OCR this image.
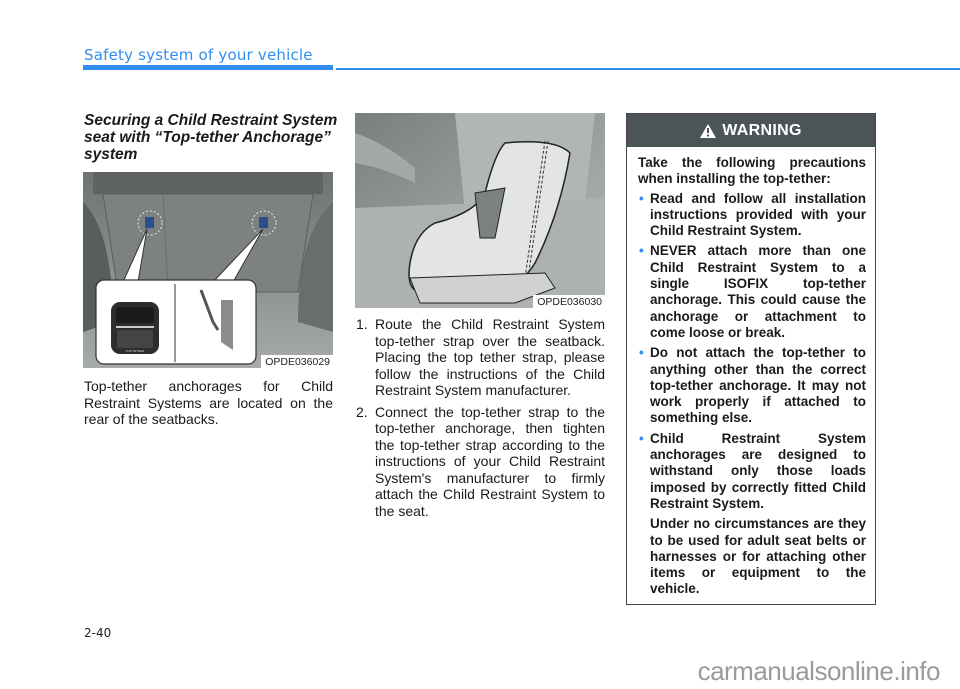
Safety system of your vehicle
Securing a Child Restraint System seat with “Top-tether Anchorage” system
TOP TETHER
OPDE036029
Top-tether anchorages for Child Restraint Systems are located on the rear of the seatbacks.
OPDE036030
1. Route the Child Restraint System top-tether strap over the seatback. Placing the top tether strap, please follow the instructions of the Child Restraint System manufacturer.
2. Connect the top-tether strap to the top-tether anchorage, then tighten the top-tether strap according to the instructions of your Child Restraint System's manufacturer to firmly attach the Child Restraint System to the seat.
WARNING
Take the following precautions when installing the top-tether:
• Read and follow all installation instructions provided with your Child Restraint System.
• NEVER attach more than one Child Restraint System to a single ISOFIX top-tether anchorage. This could cause the anchorage or attachment to come loose or break.
• Do not attach the top-tether to anything other than the correct top-tether anchorage. It may not work properly if attached to something else.
• Child Restraint System anchorages are designed to withstand only those loads imposed by correctly fitted Child Restraint System.
Under no circumstances are they to be used for adult seat belts or harnesses or for attaching other items or equipment to the vehicle.
2-40
carmanualsonline.info
